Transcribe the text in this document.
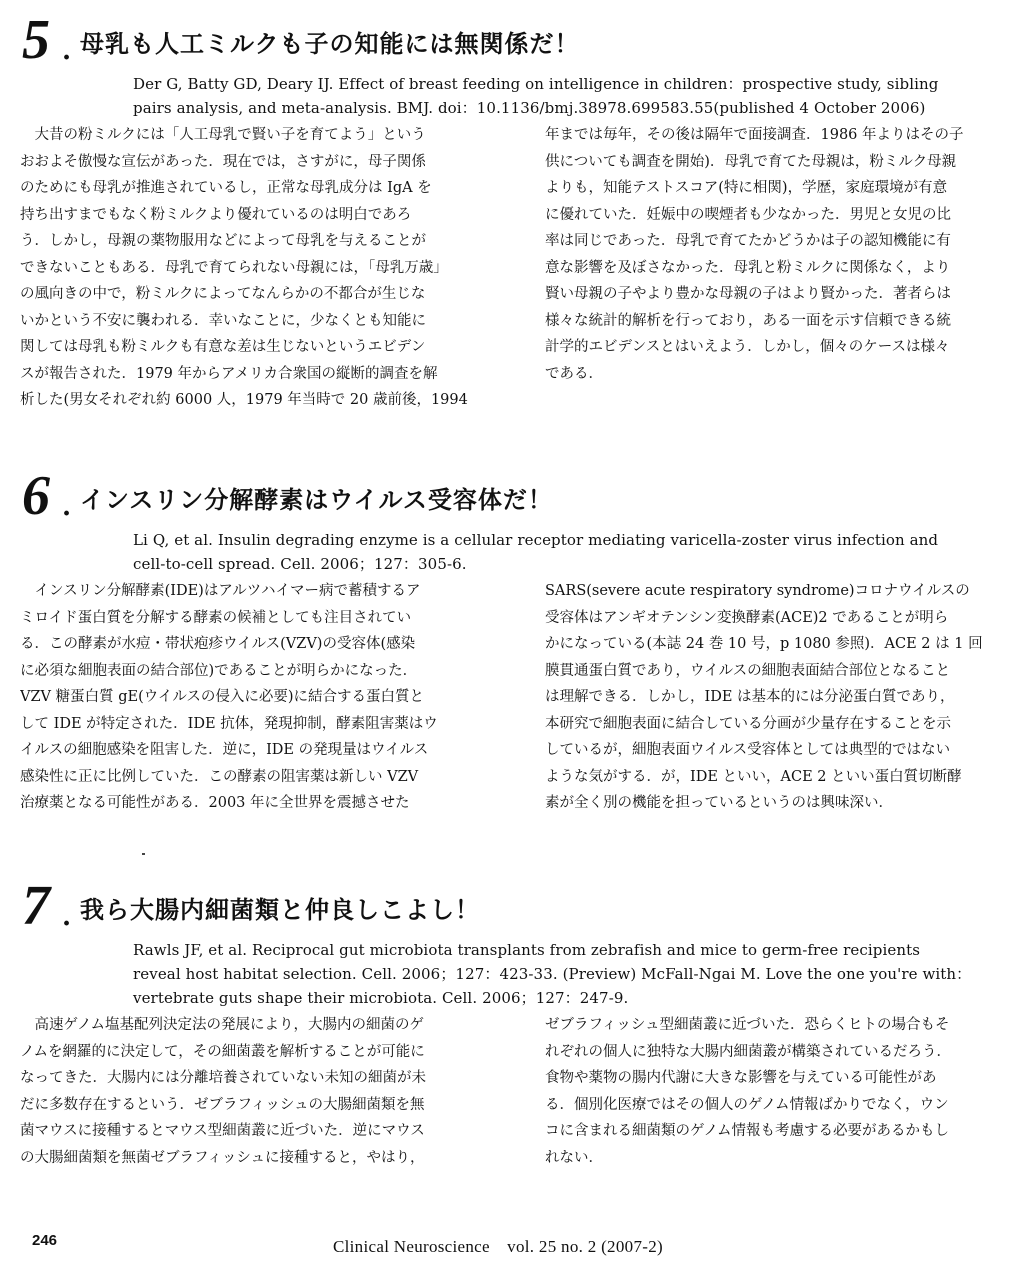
5 . 母乳も人工ミルクも子の知能には無関係だ！
Der G, Batty GD, Deary IJ. Effect of breast feeding on intelligence in children：prospective study, sibling
pairs analysis, and meta-analysis. BMJ. doi：10.1136/bmj.38978.699583.55(published 4 October 2006)
　大昔の粉ミルクには「人工母乳で賢い子を育てよう」という
おおよそ傲慢な宣伝があった．現在では，さすがに，母子関係
のためにも母乳が推進されているし，正常な母乳成分は IgA を
持ち出すまでもなく粉ミルクより優れているのは明白であろ
う．しかし，母親の薬物服用などによって母乳を与えることが
できないこともある．母乳で育てられない母親には，「母乳万歳」
の風向きの中で，粉ミルクによってなんらかの不都合が生じな
いかという不安に襲われる．幸いなことに，少なくとも知能に
関しては母乳も粉ミルクも有意な差は生じないというエビデン
スが報告された．1979 年からアメリカ合衆国の縦断的調査を解
析した(男女それぞれ約 6000 人，1979 年当時で 20 歳前後，1994
年までは毎年，その後は隔年で面接調査．1986 年よりはその子
供についても調査を開始)．母乳で育てた母親は，粉ミルク母親
よりも，知能テストスコア(特に相関)，学歴，家庭環境が有意
に優れていた．妊娠中の喫煙者も少なかった．男児と女児の比
率は同じであった．母乳で育てたかどうかは子の認知機能に有
意な影響を及ぼさなかった．母乳と粉ミルクに関係なく，より
賢い母親の子やより豊かな母親の子はより賢かった．著者らは
様々な統計的解析を行っており，ある一面を示す信頼できる統
計学的エビデンスとはいえよう．しかし，個々のケースは様々
である．
6 . インスリン分解酵素はウイルス受容体だ！
Li Q, et al. Insulin degrading enzyme is a cellular receptor mediating varicella-zoster virus infection and
cell-to-cell spread. Cell. 2006；127：305-6.
　インスリン分解酵素(IDE)はアルツハイマー病で蓄積するア
ミロイド蛋白質を分解する酵素の候補としても注目されてい
る．この酵素が水痘・帯状疱疹ウイルス(VZV)の受容体(感染
に必須な細胞表面の結合部位)であることが明らかになった．
VZV 糖蛋白質 gE(ウイルスの侵入に必要)に結合する蛋白質と
して IDE が特定された．IDE 抗体，発現抑制，酵素阻害薬はウ
イルスの細胞感染を阻害した．逆に，IDE の発現量はウイルス
感染性に正に比例していた．この酵素の阻害薬は新しい VZV
治療薬となる可能性がある．2003 年に全世界を震撼させた
SARS(severe acute respiratory syndrome)コロナウイルスの
受容体はアンギオテンシン変換酵素(ACE)2 であることが明ら
かになっている(本誌 24 巻 10 号，p 1080 参照)．ACE 2 は 1 回
膜貫通蛋白質であり，ウイルスの細胞表面結合部位となること
は理解できる．しかし，IDE は基本的には分泌蛋白質であり，
本研究で細胞表面に結合している分画が少量存在することを示
しているが，細胞表面ウイルス受容体としては典型的ではない
ような気がする．が，IDE といい，ACE 2 といい蛋白質切断酵
素が全く別の機能を担っているというのは興味深い．
7 . 我ら大腸内細菌類と仲良しこよし！
Rawls JF, et al. Reciprocal gut microbiota transplants from zebrafish and mice to germ-free recipients
reveal host habitat selection. Cell. 2006；127：423-33. (Preview) McFall-Ngai M. Love the one you're with：
vertebrate guts shape their microbiota. Cell. 2006；127：247-9.
　高速ゲノム塩基配列決定法の発展により，大腸内の細菌のゲ
ノムを網羅的に決定して，その細菌叢を解析することが可能に
なってきた．大腸内には分離培養されていない未知の細菌が未
だに多数存在するという．ゼブラフィッシュの大腸細菌類を無
菌マウスに接種するとマウス型細菌叢に近づいた．逆にマウス
の大腸細菌類を無菌ゼブラフィッシュに接種すると，やはり，
ゼブラフィッシュ型細菌叢に近づいた．恐らくヒトの場合もそ
れぞれの個人に独特な大腸内細菌叢が構築されているだろう．
食物や薬物の腸内代謝に大きな影響を与えている可能性があ
る．個別化医療ではその個人のゲノム情報ばかりでなく，ウン
コに含まれる細菌類のゲノム情報も考慮する必要があるかもし
れない．
246	Clinical Neuroscience　vol. 25 no. 2 (2007-2)
